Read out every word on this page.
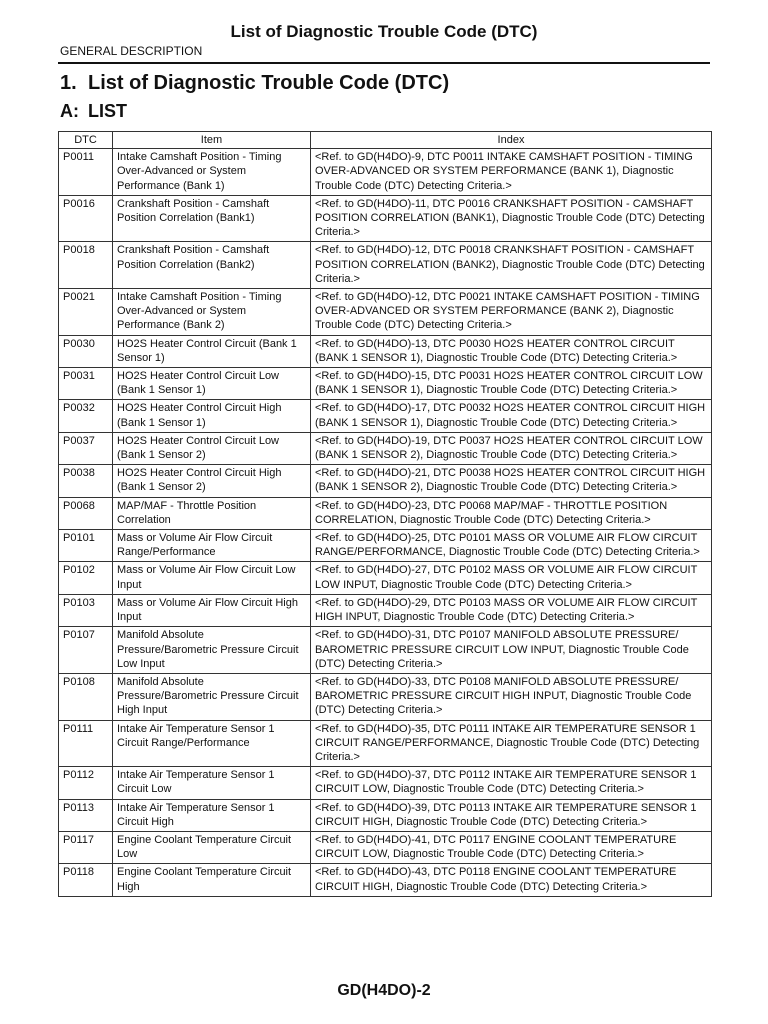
List of Diagnostic Trouble Code (DTC)
GENERAL DESCRIPTION
1. List of Diagnostic Trouble Code (DTC)
A: LIST
DTC	Item	Index
P0011	Intake Camshaft Position - Timing Over-Advanced or System Performance (Bank 1)	<Ref. to GD(H4DO)-9, DTC P0011 INTAKE CAMSHAFT POSITION - TIMING OVER-ADVANCED OR SYSTEM PERFORMANCE (BANK 1), Diagnostic Trouble Code (DTC) Detecting Criteria.>
P0016	Crankshaft Position - Camshaft Position Correlation (Bank1)	<Ref. to GD(H4DO)-11, DTC P0016 CRANKSHAFT POSITION - CAMSHAFT POSITION CORRELATION (BANK1), Diagnostic Trouble Code (DTC) Detecting Criteria.>
P0018	Crankshaft Position - Camshaft Position Correlation (Bank2)	<Ref. to GD(H4DO)-12, DTC P0018 CRANKSHAFT POSITION - CAMSHAFT POSITION CORRELATION (BANK2), Diagnostic Trouble Code (DTC) Detecting Criteria.>
P0021	Intake Camshaft Position - Timing Over-Advanced or System Performance (Bank 2)	<Ref. to GD(H4DO)-12, DTC P0021 INTAKE CAMSHAFT POSITION - TIMING OVER-ADVANCED OR SYSTEM PERFORMANCE (BANK 2), Diagnostic Trouble Code (DTC) Detecting Criteria.>
P0030	HO2S Heater Control Circuit (Bank 1 Sensor 1)	<Ref. to GD(H4DO)-13, DTC P0030 HO2S HEATER CONTROL CIRCUIT (BANK 1 SENSOR 1), Diagnostic Trouble Code (DTC) Detecting Criteria.>
P0031	HO2S Heater Control Circuit Low (Bank 1 Sensor 1)	<Ref. to GD(H4DO)-15, DTC P0031 HO2S HEATER CONTROL CIRCUIT LOW (BANK 1 SENSOR 1), Diagnostic Trouble Code (DTC) Detecting Criteria.>
P0032	HO2S Heater Control Circuit High (Bank 1 Sensor 1)	<Ref. to GD(H4DO)-17, DTC P0032 HO2S HEATER CONTROL CIRCUIT HIGH (BANK 1 SENSOR 1), Diagnostic Trouble Code (DTC) Detecting Criteria.>
P0037	HO2S Heater Control Circuit Low (Bank 1 Sensor 2)	<Ref. to GD(H4DO)-19, DTC P0037 HO2S HEATER CONTROL CIRCUIT LOW (BANK 1 SENSOR 2), Diagnostic Trouble Code (DTC) Detecting Criteria.>
P0038	HO2S Heater Control Circuit High (Bank 1 Sensor 2)	<Ref. to GD(H4DO)-21, DTC P0038 HO2S HEATER CONTROL CIRCUIT HIGH (BANK 1 SENSOR 2), Diagnostic Trouble Code (DTC) Detecting Criteria.>
P0068	MAP/MAF - Throttle Position Correlation	<Ref. to GD(H4DO)-23, DTC P0068 MAP/MAF - THROTTLE POSITION CORRELATION, Diagnostic Trouble Code (DTC) Detecting Criteria.>
P0101	Mass or Volume Air Flow Circuit Range/Performance	<Ref. to GD(H4DO)-25, DTC P0101 MASS OR VOLUME AIR FLOW CIRCUIT RANGE/PERFORMANCE, Diagnostic Trouble Code (DTC) Detecting Criteria.>
P0102	Mass or Volume Air Flow Circuit Low Input	<Ref. to GD(H4DO)-27, DTC P0102 MASS OR VOLUME AIR FLOW CIRCUIT LOW INPUT, Diagnostic Trouble Code (DTC) Detecting Criteria.>
P0103	Mass or Volume Air Flow Circuit High Input	<Ref. to GD(H4DO)-29, DTC P0103 MASS OR VOLUME AIR FLOW CIRCUIT HIGH INPUT, Diagnostic Trouble Code (DTC) Detecting Criteria.>
P0107	Manifold Absolute Pressure/Barometric Pressure Circuit Low Input	<Ref. to GD(H4DO)-31, DTC P0107 MANIFOLD ABSOLUTE PRESSURE/ BAROMETRIC PRESSURE CIRCUIT LOW INPUT, Diagnostic Trouble Code (DTC) Detecting Criteria.>
P0108	Manifold Absolute Pressure/Barometric Pressure Circuit High Input	<Ref. to GD(H4DO)-33, DTC P0108 MANIFOLD ABSOLUTE PRESSURE/ BAROMETRIC PRESSURE CIRCUIT HIGH INPUT, Diagnostic Trouble Code (DTC) Detecting Criteria.>
P0111	Intake Air Temperature Sensor 1 Circuit Range/Performance	<Ref. to GD(H4DO)-35, DTC P0111 INTAKE AIR TEMPERATURE SENSOR 1 CIRCUIT RANGE/PERFORMANCE, Diagnostic Trouble Code (DTC) Detecting Criteria.>
P0112	Intake Air Temperature Sensor 1 Circuit Low	<Ref. to GD(H4DO)-37, DTC P0112 INTAKE AIR TEMPERATURE SENSOR 1 CIRCUIT LOW, Diagnostic Trouble Code (DTC) Detecting Criteria.>
P0113	Intake Air Temperature Sensor 1 Circuit High	<Ref. to GD(H4DO)-39, DTC P0113 INTAKE AIR TEMPERATURE SENSOR 1 CIRCUIT HIGH, Diagnostic Trouble Code (DTC) Detecting Criteria.>
P0117	Engine Coolant Temperature Circuit Low	<Ref. to GD(H4DO)-41, DTC P0117 ENGINE COOLANT TEMPERATURE CIRCUIT LOW, Diagnostic Trouble Code (DTC) Detecting Criteria.>
P0118	Engine Coolant Temperature Circuit High	<Ref. to GD(H4DO)-43, DTC P0118 ENGINE COOLANT TEMPERATURE CIRCUIT HIGH, Diagnostic Trouble Code (DTC) Detecting Criteria.>
GD(H4DO)-2
